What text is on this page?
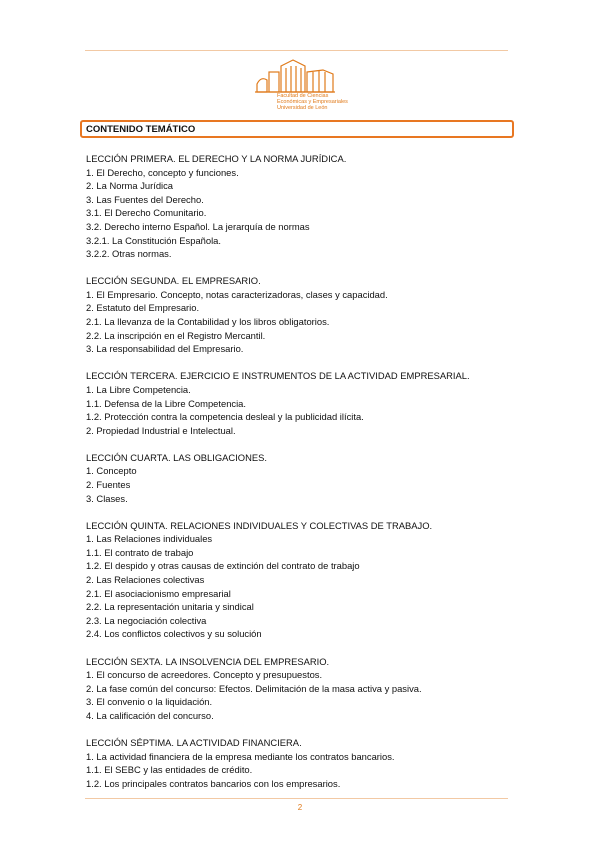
Facultad de Ciencias
Económicas y Empresariales
Universidad de León
CONTENIDO TEMÁTICO
LECCIÓN PRIMERA. EL DERECHO Y LA NORMA JURÍDICA.
1. El Derecho, concepto y funciones.
2. La Norma Jurídica
3. Las Fuentes del Derecho.
3.1. El Derecho Comunitario.
3.2. Derecho interno Español. La jerarquía de normas
3.2.1. La Constitución Española.
3.2.2. Otras normas.
LECCIÓN SEGUNDA. EL EMPRESARIO.
1. El Empresario. Concepto, notas caracterizadoras, clases y capacidad.
2. Estatuto del Empresario.
2.1. La llevanza de la Contabilidad y los libros obligatorios.
2.2. La inscripción en el Registro Mercantil.
3. La responsabilidad del Empresario.
LECCIÓN TERCERA. EJERCICIO E INSTRUMENTOS DE LA ACTIVIDAD EMPRESARIAL.
1. La Libre Competencia.
1.1. Defensa de la Libre Competencia.
1.2. Protección contra la competencia desleal y la publicidad ilícita.
2. Propiedad Industrial e Intelectual.
LECCIÓN CUARTA. LAS OBLIGACIONES.
1. Concepto
2. Fuentes
3. Clases.
LECCIÓN QUINTA. RELACIONES INDIVIDUALES Y COLECTIVAS DE TRABAJO.
1. Las Relaciones individuales
1.1. El contrato de trabajo
1.2. El despido y otras causas de extinción del contrato de trabajo
2. Las Relaciones colectivas
2.1. El asociacionismo empresarial
2.2. La representación unitaria y sindical
2.3. La negociación colectiva
2.4. Los conflictos colectivos y su solución
LECCIÓN SEXTA. LA INSOLVENCIA DEL EMPRESARIO.
1. El concurso de acreedores. Concepto y presupuestos.
2. La fase común del concurso: Efectos. Delimitación de la masa activa y pasiva.
3. El convenio o la liquidación.
4. La calificación del concurso.
LECCIÓN SÉPTIMA. LA ACTIVIDAD FINANCIERA.
1. La actividad financiera de la empresa mediante los contratos bancarios.
1.1. El SEBC y las entidades de crédito.
1.2. Los principales contratos bancarios con los empresarios.
2
